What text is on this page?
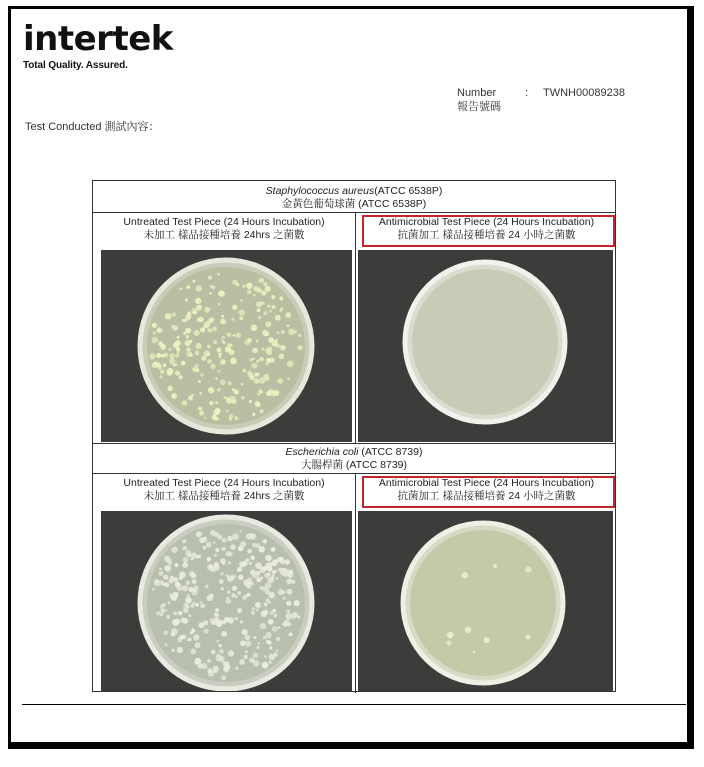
intertek
Total Quality. Assured.
Number	:	TWNH00089238
報告號碼
Test Conducted 測試內容：
Staphylococcus aureus(ATCC 6538P)
金黃色葡萄球菌 (ATCC 6538P)
Untreated Test Piece (24 Hours Incubation)
未加工 樣品接種培養 24hrs 之菌數
Antimicrobial Test Piece (24 Hours Incubation)
抗菌加工 樣品接種培養 24 小時之菌數
Escherichia coli (ATCC 8739)
大腸桿菌 (ATCC 8739)
Untreated Test Piece (24 Hours Incubation)
未加工 樣品接種培養 24hrs 之菌數
Antimicrobial Test Piece (24 Hours Incubation)
抗菌加工 樣品接種培養 24 小時之菌數
